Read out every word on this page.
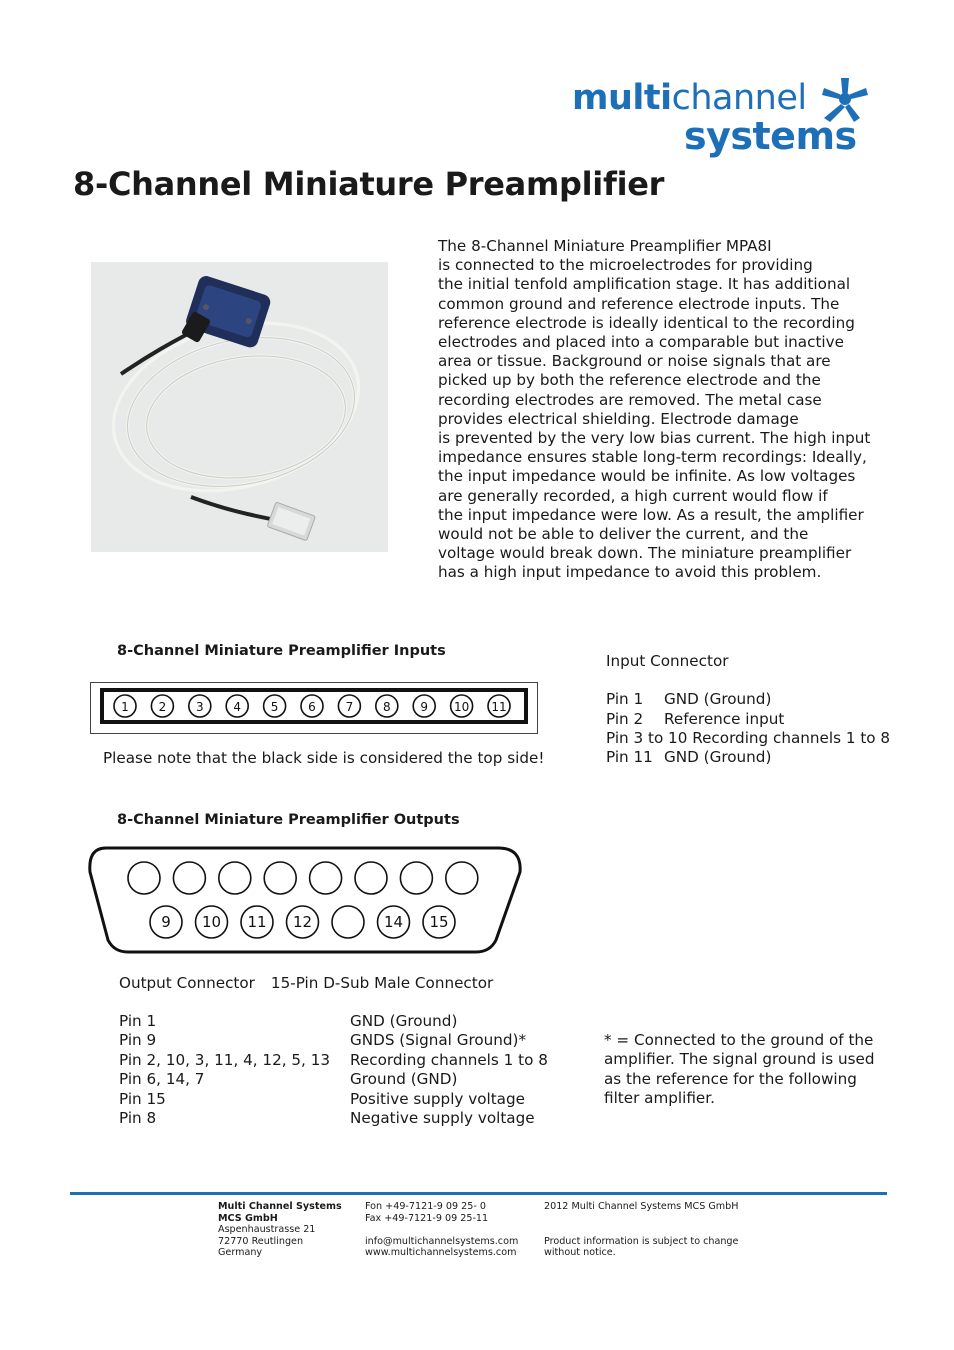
multichannel
systems
8-Channel Miniature Preamplifier
The 8-Channel Miniature Preamplifier MPA8I
is connected to the microelectrodes for providing
the initial tenfold amplification stage. It has additional
common ground and reference electrode inputs. The
reference electrode is ideally identical to the recording
electrodes and placed into a comparable but inactive
area or tissue. Background or noise signals that are
picked up by both the reference electrode and the
recording electrodes are removed. The metal case
provides electrical shielding. Electrode damage
is prevented by the very low bias current. The high input
impedance ensures stable long-term recordings: Ideally,
the input impedance would be infinite. As low voltages
are generally recorded, a high current would flow if
the input impedance were low. As a result, the amplifier
would not be able to deliver the current, and the
voltage would break down. The miniature preamplifier
has a high input impedance to avoid this problem.
8-Channel Miniature Preamplifier Inputs
1 2 3 4 5 6 7 8 9 10 11
Please note that the black side is considered the top side!
Input Connector
Pin 1 GND (Ground)
Pin 2 Reference input
Pin 3 to 10 Recording channels 1 to 8
Pin 11 GND (Ground)
8-Channel Miniature Preamplifier Outputs
9 10 11 12	14 15
Output Connector 15-Pin D-Sub Male Connector
Pin 1	GND (Ground)
Pin 9	GNDS (Signal Ground)*
Pin 2, 10, 3, 11, 4, 12, 5, 13 Recording channels 1 to 8
Pin 6, 14, 7	Ground (GND)
Pin 15	Positive supply voltage
Pin 8	Negative supply voltage
* = Connected to the ground of the
amplifier. The signal ground is used
as the reference for the following
filter amplifier.
Multi Channel Systems
MCS GmbH
Aspenhaustrasse 21
72770 Reutlingen
Germany
Fon +49-7121-9 09 25- 0
Fax +49-7121-9 09 25-11
info@multichannelsystems.com
www.multichannelsystems.com
2012 Multi Channel Systems MCS GmbH
Product information is subject to change
without notice.
